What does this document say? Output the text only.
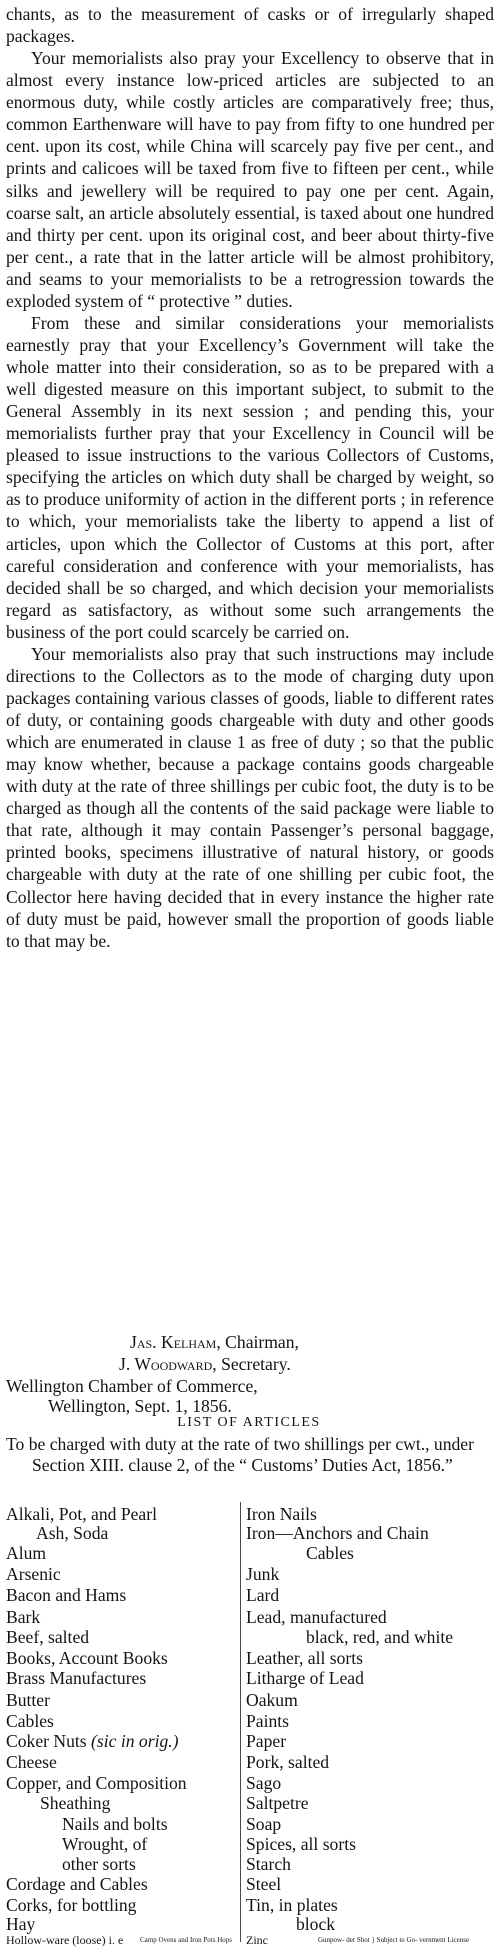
chants, as to the measurement of casks or of irregularly shaped packages.

Your memorialists also pray your Excellency to observe that in almost every instance low-priced articles are subjected to an enormous duty, while costly articles are comparatively free; thus, common Earthenware will have to pay from fifty to one hundred per cent. upon its cost, while China will scarcely pay five per cent., and prints and calicoes will be taxed from five to fifteen per cent., while silks and jewellery will be required to pay one per cent. Again, coarse salt, an article absolutely essential, is taxed about one hundred and thirty per cent. upon its original cost, and beer about thirty-five per cent., a rate that in the latter article will be almost prohibitory, and seams to your memorialists to be a retrogression towards the exploded system of “ protective ” duties.

From these and similar considerations your memorialists earnestly pray that your Excellency’s Government will take the whole matter into their consideration, so as to be prepared with a well digested measure on this important subject, to submit to the General Assembly in its next session ; and pending this, your memorialists further pray that your Excellency in Council will be pleased to issue instructions to the various Collectors of Customs, specifying the articles on which duty shall be charged by weight, so as to produce uniformity of action in the different ports ; in reference to which, your memorialists take the liberty to append a list of articles, upon which the Collector of Customs at this port, after careful consideration and conference with your memorialists, has decided shall be so charged, and which decision your memorialists regard as satisfactory, as without some such arrangements the business of the port could scarcely be carried on.

Your memorialists also pray that such instructions may include directions to the Collectors as to the mode of charging duty upon packages containing various classes of goods, liable to different rates of duty, or containing goods chargeable with duty and other goods which are enumerated in clause 1 as free of duty ; so that the public may know whether, because a package contains goods chargeable with duty at the rate of three shillings per cubic foot, the duty is to be charged as though all the contents of the said package were liable to that rate, although it may contain Passenger’s personal baggage, printed books, specimens illustrative of natural history, or goods chargeable with duty at the rate of one shilling per cubic foot, the Collector here having decided that in every instance the higher rate of duty must be paid, however small the proportion of goods liable to that may be.

Jas. Kelham, Chairman,
J. Woodward, Secretary.
Wellington Chamber of Commerce,
Wellington, Sept. 1, 1856.
LIST OF ARTICLES

To be charged with duty at the rate of two shillings per cwt., under Section XIII. clause 2, of the “ Customs’ Duties Act, 1856.”

Alkali, Pot, and Pearl
Ash, Soda
Alum
Arsenic
Bacon and Hams
Bark
Beef, salted
Books, Account Books
Brass Manufactures
Butter
Cables
Coker Nuts (sic in orig.)
Cheese
Copper, and Composition
Sheathing
Nails and bolts
Wrought, of
other sorts
Cordage and Cables
Corks, for bottling
Hay
Iron Nails
Iron—Anchors and Chain
Cables
Junk
Lard
Lead, manufactured
black, red, and white
Leather, all sorts
Litharge of Lead
Oakum
Paints
Paper
Pork, salted
Sago
Saltpetre
Soap
Spices, all sorts
Starch
Steel
Tin, in plates
block
Hollow-ware (loose) i. e	Zinc
Camp Ovens and Iron Pots Hops	Gunpow- der Shot } Subject to Go- vernment License
